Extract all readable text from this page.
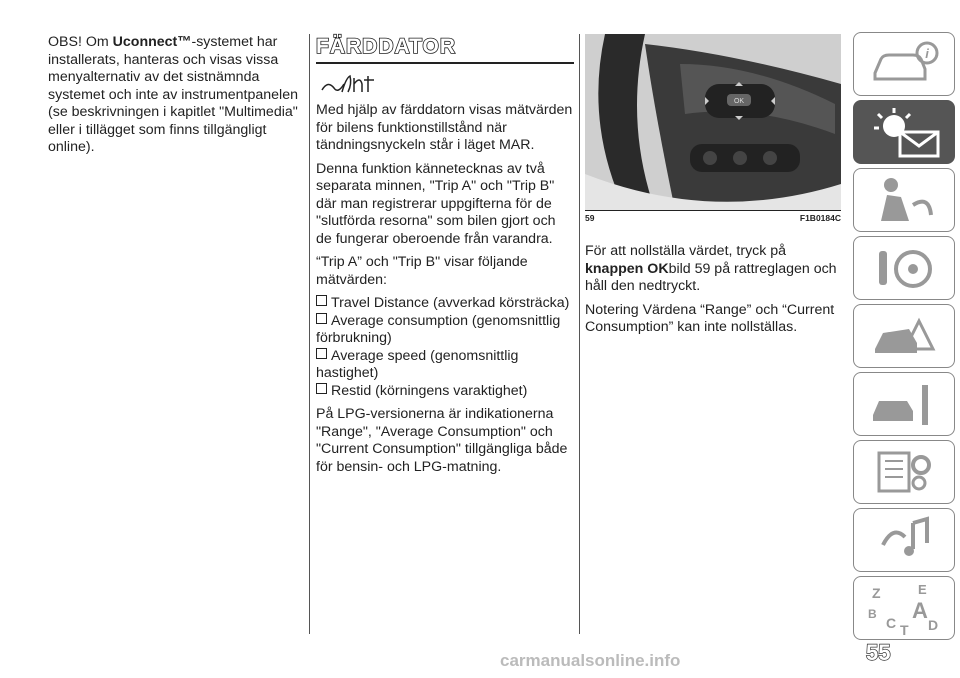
OBS! Om Uconnect™-systemet har installerats, hanteras och visas vissa menyalternativ av det sistnämnda systemet och inte av instrumentpanelen (se beskrivningen i kapitlet "Multimedia" eller i tillägget som finns tillgängligt online).
FÄRDDATOR

Med hjälp av färddatorn visas mätvärden för bilens funktionstillstånd när tändningsnyckeln står i läget MAR.

Denna funktion kännetecknas av två separata minnen, "Trip A" och "Trip B" där man registrerar uppgifterna för de "slutförda resorna" som bilen gjort och de fungerar oberoende från varandra.

“Trip A” och "Trip B" visar följande mätvärden:

Travel Distance (avverkad körsträcka)
Average consumption (genomsnittlig förbrukning)
Average speed (genomsnittlig hastighet)
Restid (körningens varaktighet)

På LPG-versionerna är indikationerna "Range", "Average Consumption" och "Current Consumption" tillgängliga både för bensin- och LPG-matning.

OK
59	F1B0184C

För att nollställa värdet, tryck på knappen OKbild 59 på rattreglagen och håll den nedtryckt.

Notering Värdena “Range” och “Current Consumption” kan inte nollställas.

i
Z	E
B A
C D
T
55
carmanualsonline.info
